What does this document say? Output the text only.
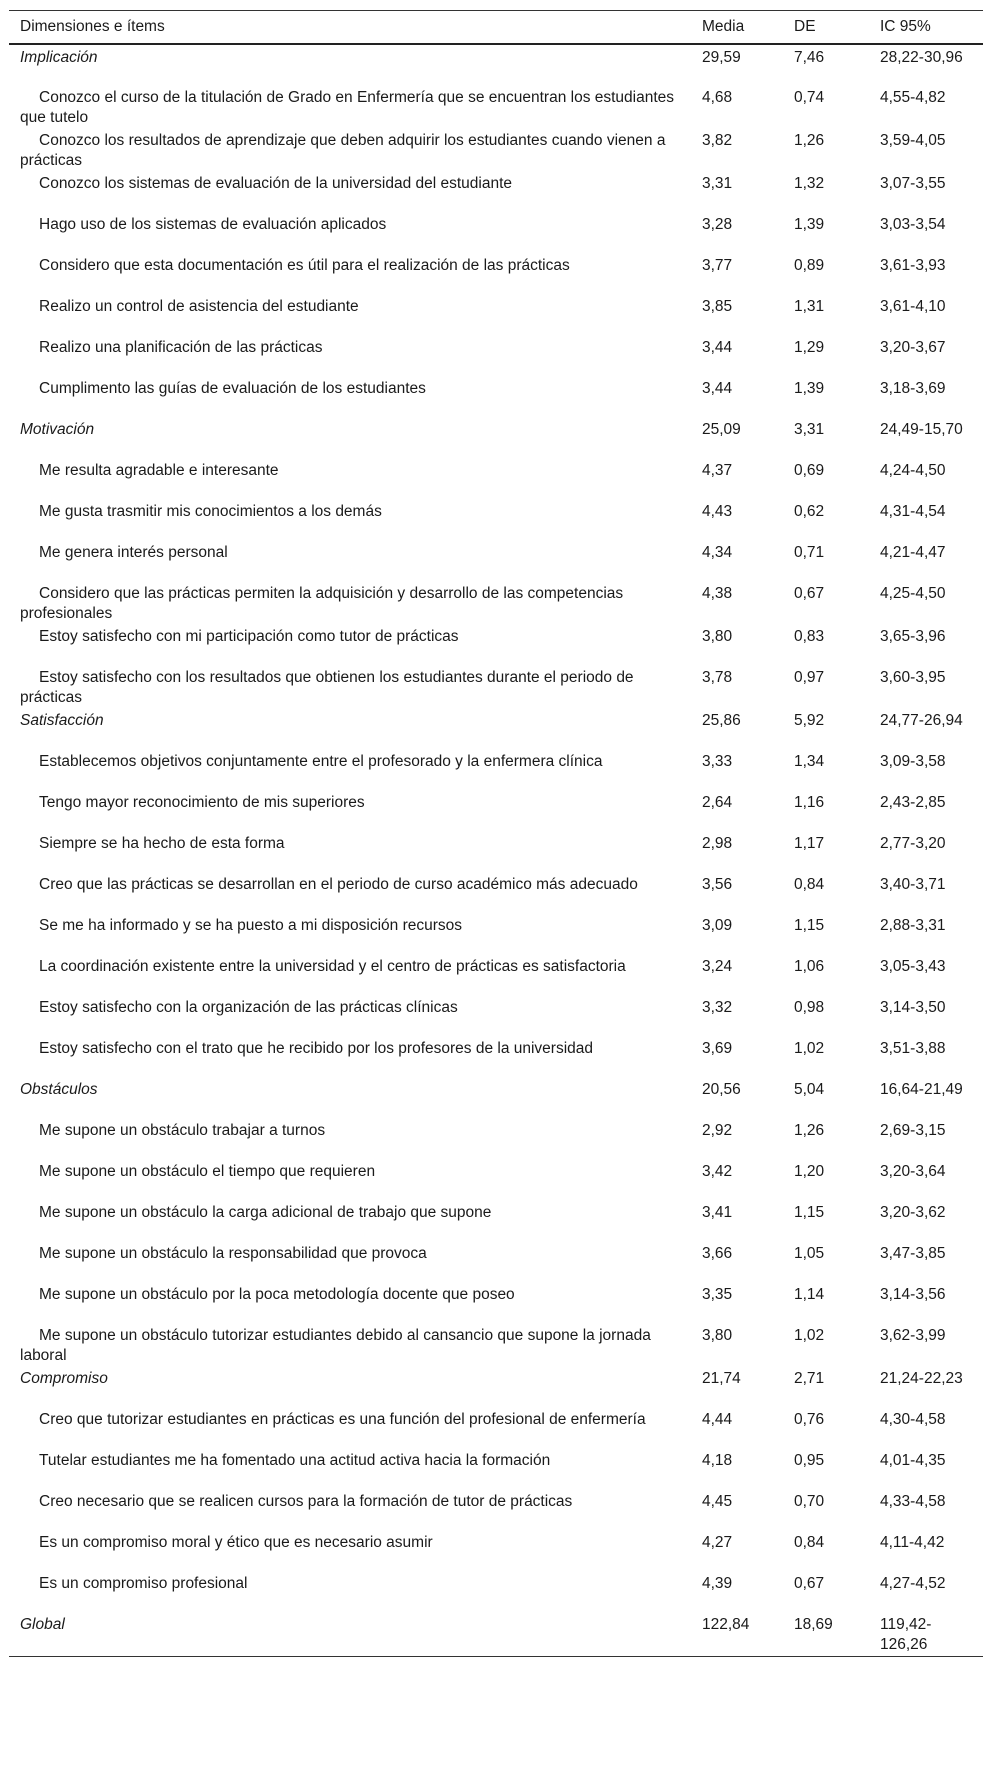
Dimensiones e ítems	Media	DE	IC 95%
Implicación	29,59	7,46	28,22-30,96
Conozco el curso de la titulación de Grado en Enfermería que se encuentran los estudiantes que tutelo	4,68	0,74	4,55-4,82
Conozco los resultados de aprendizaje que deben adquirir los estudiantes cuando vienen a prácticas	3,82	1,26	3,59-4,05
Conozco los sistemas de evaluación de la universidad del estudiante	3,31	1,32	3,07-3,55
Hago uso de los sistemas de evaluación aplicados	3,28	1,39	3,03-3,54
Considero que esta documentación es útil para el realización de las prácticas	3,77	0,89	3,61-3,93
Realizo un control de asistencia del estudiante	3,85	1,31	3,61-4,10
Realizo una planificación de las prácticas	3,44	1,29	3,20-3,67
Cumplimento las guías de evaluación de los estudiantes	3,44	1,39	3,18-3,69
Motivación	25,09	3,31	24,49-15,70
Me resulta agradable e interesante	4,37	0,69	4,24-4,50
Me gusta trasmitir mis conocimientos a los demás	4,43	0,62	4,31-4,54
Me genera interés personal	4,34	0,71	4,21-4,47
Considero que las prácticas permiten la adquisición y desarrollo de las competencias profesionales	4,38	0,67	4,25-4,50
Estoy satisfecho con mi participación como tutor de prácticas	3,80	0,83	3,65-3,96
Estoy satisfecho con los resultados que obtienen los estudiantes durante el periodo de prácticas	3,78	0,97	3,60-3,95
Satisfacción	25,86	5,92	24,77-26,94
Establecemos objetivos conjuntamente entre el profesorado y la enfermera clínica	3,33	1,34	3,09-3,58
Tengo mayor reconocimiento de mis superiores	2,64	1,16	2,43-2,85
Siempre se ha hecho de esta forma	2,98	1,17	2,77-3,20
Creo que las prácticas se desarrollan en el periodo de curso académico más adecuado	3,56	0,84	3,40-3,71
Se me ha informado y se ha puesto a mi disposición recursos	3,09	1,15	2,88-3,31
La coordinación existente entre la universidad y el centro de prácticas es satisfactoria	3,24	1,06	3,05-3,43
Estoy satisfecho con la organización de las prácticas clínicas	3,32	0,98	3,14-3,50
Estoy satisfecho con el trato que he recibido por los profesores de la universidad	3,69	1,02	3,51-3,88
Obstáculos	20,56	5,04	16,64-21,49
Me supone un obstáculo trabajar a turnos	2,92	1,26	2,69-3,15
Me supone un obstáculo el tiempo que requieren	3,42	1,20	3,20-3,64
Me supone un obstáculo la carga adicional de trabajo que supone	3,41	1,15	3,20-3,62
Me supone un obstáculo la responsabilidad que provoca	3,66	1,05	3,47-3,85
Me supone un obstáculo por la poca metodología docente que poseo	3,35	1,14	3,14-3,56
Me supone un obstáculo tutorizar estudiantes debido al cansancio que supone la jornada laboral	3,80	1,02	3,62-3,99
Compromiso	21,74	2,71	21,24-22,23
Creo que tutorizar estudiantes en prácticas es una función del profesional de enfermería	4,44	0,76	4,30-4,58
Tutelar estudiantes me ha fomentado una actitud activa hacia la formación	4,18	0,95	4,01-4,35
Creo necesario que se realicen cursos para la formación de tutor de prácticas	4,45	0,70	4,33-4,58
Es un compromiso moral y ético que es necesario asumir	4,27	0,84	4,11-4,42
Es un compromiso profesional	4,39	0,67	4,27-4,52
Global	122,84	18,69	119,42-126,26
